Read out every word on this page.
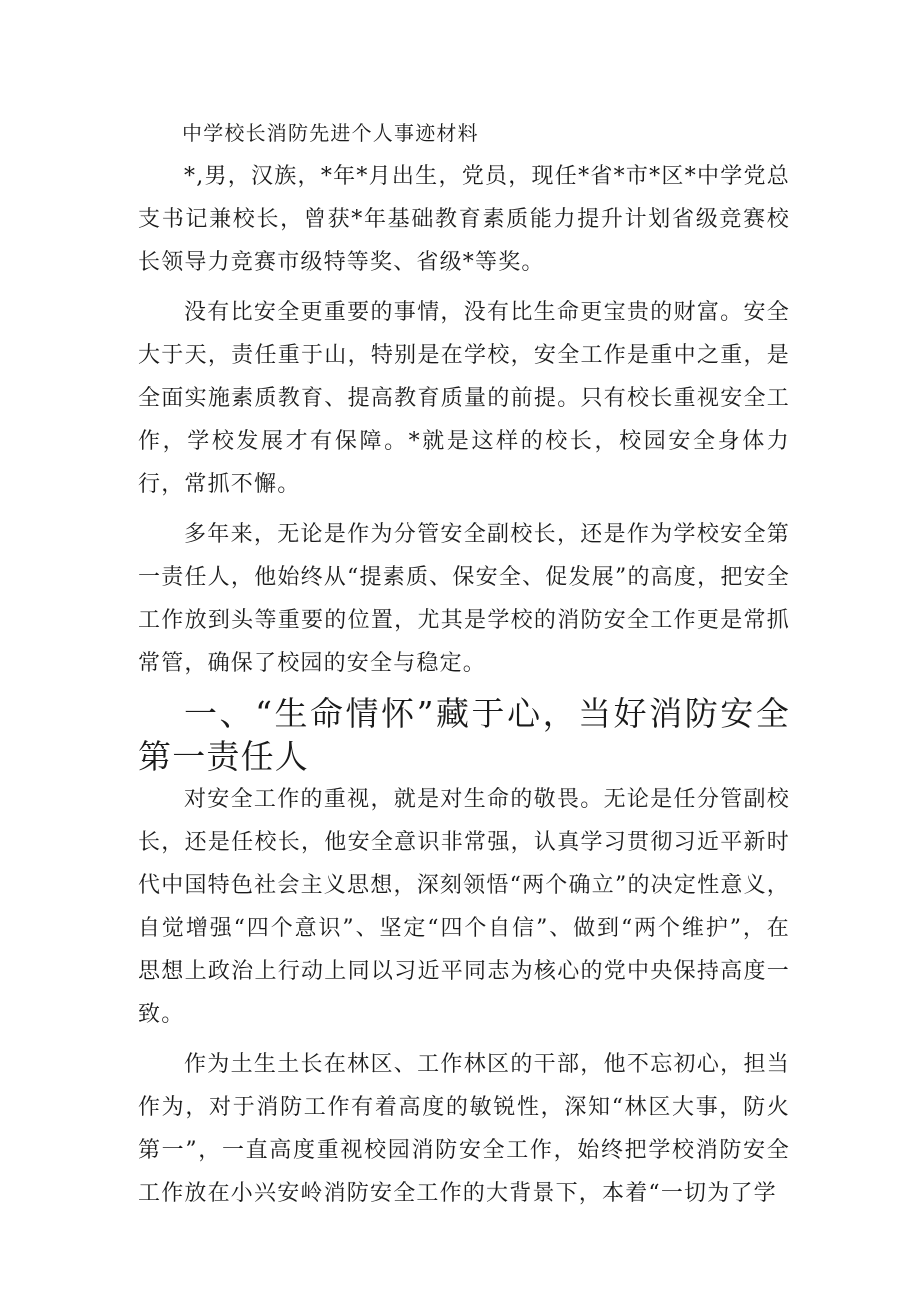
中学校长消防先进个人事迹材料

*,男，汉族，*年*月出生，党员，现任*省*市*区*中学党总支书记兼校长，曾获*年基础教育素质能力提升计划省级竞赛校长领导力竞赛市级特等奖、省级*等奖。

没有比安全更重要的事情，没有比生命更宝贵的财富。安全大于天，责任重于山，特别是在学校，安全工作是重中之重，是全面实施素质教育、提高教育质量的前提。只有校长重视安全工作，学校发展才有保障。*就是这样的校长，校园安全身体力行，常抓不懈。

多年来，无论是作为分管安全副校长，还是作为学校安全第一责任人，他始终从“提素质、保安全、促发展”的高度，把安全工作放到头等重要的位置，尤其是学校的消防安全工作更是常抓常管，确保了校园的安全与稳定。

一、“生命情怀”藏于心，当好消防安全第一责任人

对安全工作的重视，就是对生命的敬畏。无论是任分管副校长，还是任校长，他安全意识非常强，认真学习贯彻习近平新时代中国特色社会主义思想，深刻领悟“两个确立”的决定性意义，自觉增强“四个意识”、坚定“四个自信”、做到“两个维护”，在思想上政治上行动上同以习近平同志为核心的党中央保持高度一致。

作为土生土长在林区、工作林区的干部，他不忘初心，担当作为，对于消防工作有着高度的敏锐性，深知“林区大事，防火第一”，一直高度重视校园消防安全工作，始终把学校消防安全工作放在小兴安岭消防安全工作的大背景下，本着“一切为了学
